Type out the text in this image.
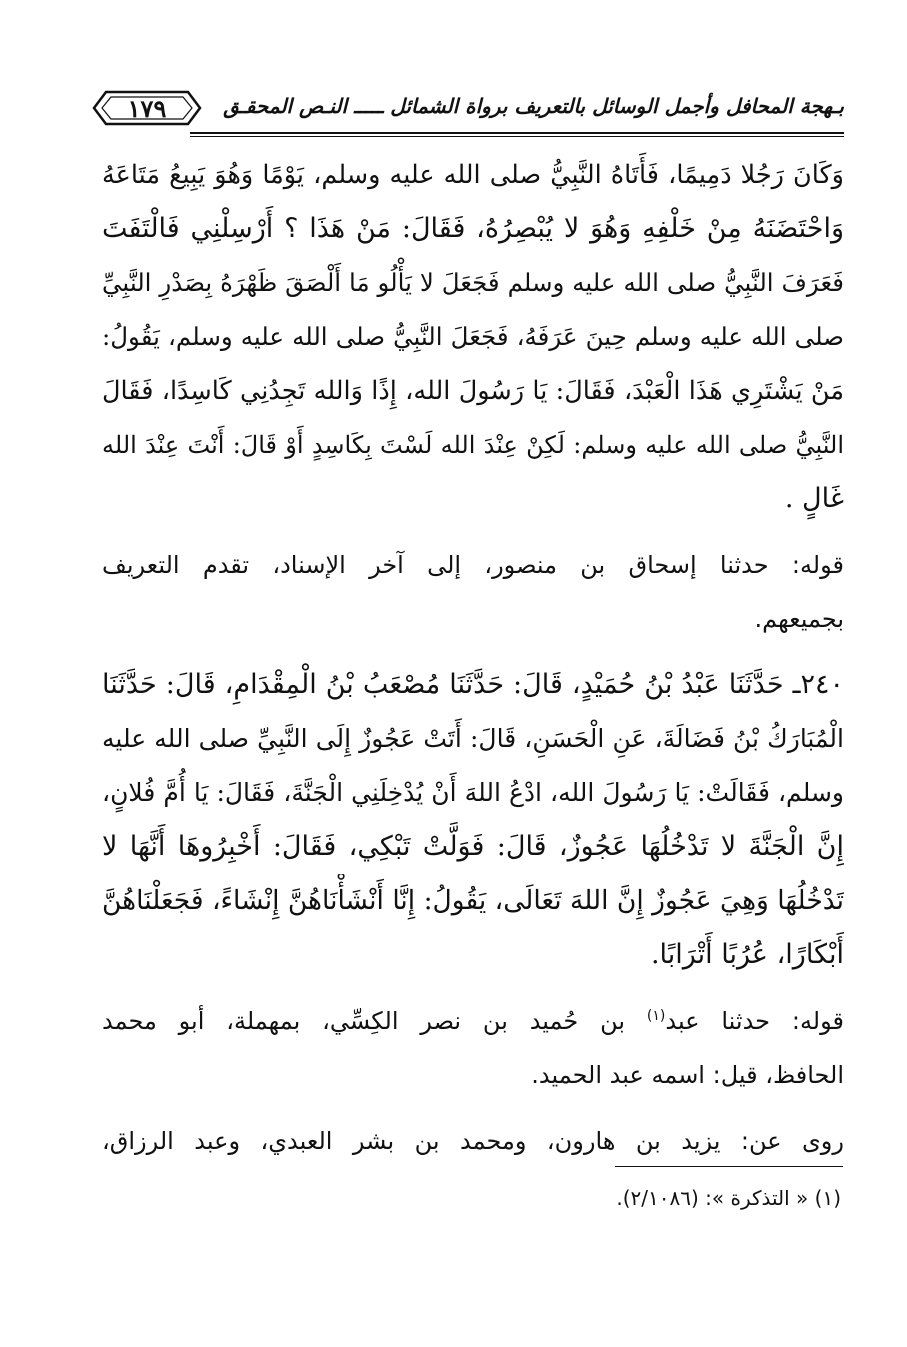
بـهجة المحافل وأجمل الوسائل بالتعريف برواة الشمائل ـــــ النـص المحقـق
١٧٩
وَكَانَ رَجُلا دَمِيمًا، فَأَتَاهُ النَّبِيُّ صلى الله عليه وسلم، يَوْمًا وَهُوَ يَبِيعُ مَتَاعَهُ
وَاحْتَضَنَهُ مِنْ خَلْفِهِ وَهُوَ لا يُبْصِرُهُ، فَقَالَ: مَنْ هَذَا ؟ أَرْسِلْنِي فَالْتَفَتَ
فَعَرَفَ النَّبِيُّ صلى الله عليه وسلم فَجَعَلَ لا يَأْلُو مَا أَلْصَقَ ظَهْرَهُ بِصَدْرِ النَّبِيِّ
صلى الله عليه وسلم حِينَ عَرَفَهُ، فَجَعَلَ النَّبِيُّ صلى الله عليه وسلم، يَقُولُ:
مَنْ يَشْتَرِي هَذَا الْعَبْدَ، فَقَالَ: يَا رَسُولَ الله، إِذًا وَالله تَجِدُنِي كَاسِدًا، فَقَالَ
النَّبِيُّ صلى الله عليه وسلم: لَكِنْ عِنْدَ الله لَسْتَ بِكَاسِدٍ أَوْ قَالَ: أَنْتَ عِنْدَ الله
غَالٍ .
قوله: حدثنا إسحاق بن منصور، إلى آخر الإسناد، تقدم التعريف
بجميعهم.
٢٤٠ـ حَدَّثَنَا عَبْدُ بْنُ حُمَيْدٍ، قَالَ: حَدَّثَنَا مُصْعَبُ بْنُ الْمِقْدَامِ، قَالَ: حَدَّثَنَا
الْمُبَارَكُ بْنُ فَضَالَةَ، عَنِ الْحَسَنِ، قَالَ: أَتَتْ عَجُوزٌ إِلَى النَّبِيِّ صلى الله عليه
وسلم، فَقَالَتْ: يَا رَسُولَ الله، ادْعُ اللهَ أَنْ يُدْخِلَنِي الْجَنَّةَ، فَقَالَ: يَا أُمَّ فُلانٍ،
إِنَّ الْجَنَّةَ لا تَدْخُلُهَا عَجُوزٌ، قَالَ: فَوَلَّتْ تَبْكِي، فَقَالَ: أَخْبِرُوهَا أَنَّهَا لا
تَدْخُلُهَا وَهِيَ عَجُوزٌ إِنَّ اللهَ تَعَالَى، يَقُولُ: إِنَّا أَنْشَأْنَاهُنَّ إِنْشَاءً، فَجَعَلْنَاهُنَّ
أَبْكَارًا، عُرُبًا أَتْرَابًا.
قوله: حدثنا عبد$^{(١)}$ بن حُميد بن نصر الكِسِّي، بمهملة، أبو محمد
الحافظ، قيل: اسمه عبد الحميد.
روى عن: يزيد بن هارون، ومحمد بن بشر العبدي، وعبد الرزاق،
(١) « التذكرة »: (٢/١٠٨٦).
